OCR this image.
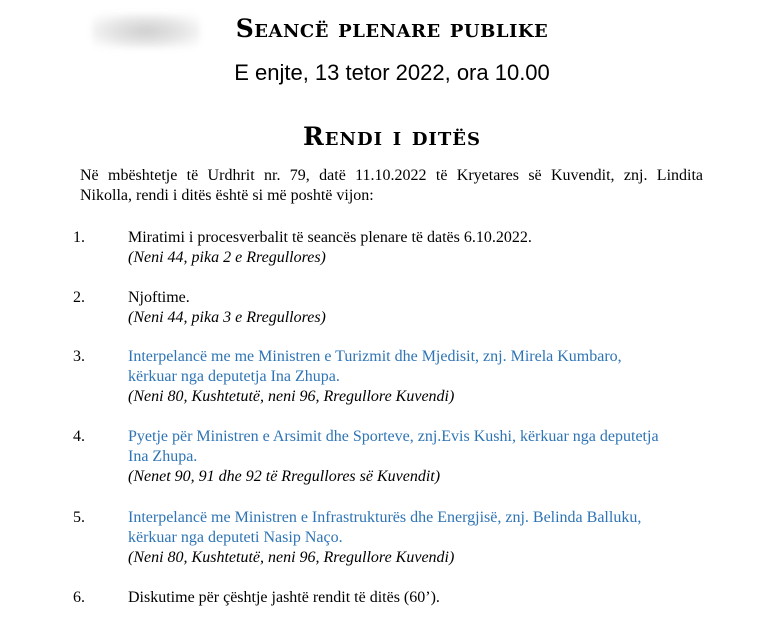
Seancë plenare publike
E enjte, 13 tetor 2022, ora 10.00
Rendi i ditës
Në mbështetje të Urdhrit nr. 79, datë 11.10.2022 të Kryetares së Kuvendit, znj. Lindita
Nikolla, rendi i ditës është si më poshtë vijon:
1.	Miratimi i procesverbalit të seancës plenare të datës 6.10.2022.
(Neni 44, pika 2 e Rregullores)
2.	Njoftime.
(Neni 44, pika 3 e Rregullores)
3.	Interpelancë me me Ministren e Turizmit dhe Mjedisit, znj. Mirela Kumbaro,
kërkuar nga deputetja Ina Zhupa.
(Neni 80, Kushtetutë, neni 96, Rregullore Kuvendi)
4.	Pyetje për Ministren e Arsimit dhe Sporteve, znj.Evis Kushi, kërkuar nga deputetja
Ina Zhupa.
(Nenet 90, 91 dhe 92 të Rregullores së Kuvendit)
5.	Interpelancë me Ministren e Infrastrukturës dhe Energjisë, znj. Belinda Balluku,
kërkuar nga deputeti Nasip Naço.
(Neni 80, Kushtetutë, neni 96, Rregullore Kuvendi)
6.	Diskutime për çështje jashtë rendit të ditës (60’).
